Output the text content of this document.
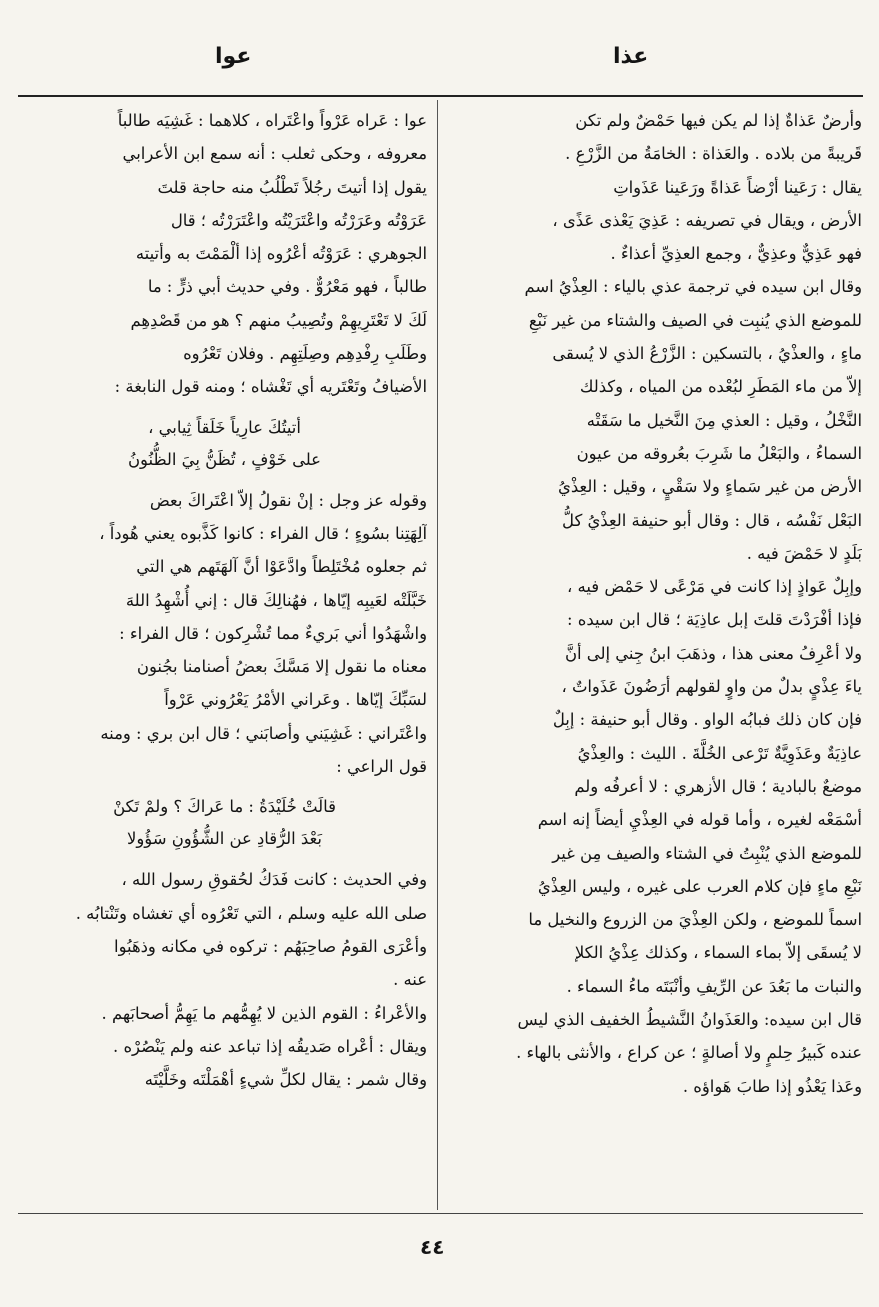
عوا	عذا
وأرضٌ عَذاةٌ إذا لم يكن فيها حَمْضٌ ولم تكن
قَريبةً من بلاده . والعَذاة : الخامَةُ من الزَّرْعِ .
يقال : رَعَينا أرْضاً عَذاةً ورَعَينا عَذَواتِ
الأرض ، ويقال في تصريفه : عَذِيَ يَعْذى عَذًى ،
فهو عَذِيٌّ وعذِيٌّ ، وجمع العذِيِّ أعذاءٌ .
وقال ابن سيده في ترجمة عذي بالياء : العِذْيُ اسم
للموضع الذي يُنبِت في الصيف والشتاء من غير نَبْعِ
ماءٍ ، والعذْيُ ، بالتسكين : الزَّرْعُ الذي لا يُسقى
إلاّ من ماء المَطَرِ لبُعْده من المياه ، وكذلك
النَّخْلُ ، وقيل : العذي مِنَ النَّخيل ما سَقَتْه
السماءُ ، والبَعْلُ ما شَرِبَ بعُروقه من عيون
الأرض من غير سَماءٍ ولا سَقْيٍ ، وقيل : العِذْيُ
البَعْل نَفْسُه ، قال : وقال أبو حنيفة العِذْيُ كلُّ
بَلَدٍ لا حَمْضَ فيه .
وإبِلٌ عَواذٍ إذا كانت في مَرْعًى لا حَمْض فيه ،
فإذا أفْرَدْتَ قلتَ إبل عاذِيَة ؛ قال ابن سيده :
ولا أعْرِفُ معنى هذا ، وذهَبَ ابنُ جِني إلى أنَّ
ياءَ عِذْيٍ بدلٌ من واوٍ لقولهم أرَضُونَ عَذَواتٌ ،
فإن كان ذلك فبابُه الواو . وقال أبو حنيفة : إبِلٌ
عاذِيَةٌ وعَذَوِيَّةٌ تَرْعى الخُلَّةَ . الليث : والعِذْيُ
موضعٌ بالبادية ؛ قال الأزهري : لا أعرفُه ولم
أسْمَعْه لغيره ، وأما قوله في العِذْيِ أيضاً إنه اسم
للموضع الذي يُنْبِتُ في الشتاء والصيف مِن غير
نَبْعِ ماءٍ فإن كلام العرب على غيره ، وليس العِذْيُ
اسماً للموضع ، ولكن العِذْيَ من الزروع والنخيل ما
لا يُسقَى إلاّ بماء السماء ، وكذلك عِذْيُ الكلإ
والنبات ما بَعُدَ عن الرِّيفِ وأنْبَتَه ماءُ السماء .
قال ابن سيده: والعَذَوانُ النَّشيطُ الخفيف الذي ليس
عنده كَبيرُ حِلمٍ ولا أصالةٍ ؛ عن كراع ، والأنثى بالهاء .
وعَذا يَعْذُو إذا طابَ هَواؤه .
عوا : عَراه عَرْواً واعْتَراه ، كلاهما : غَشِيَه طالباً
معروفه ، وحكى ثعلب : أنه سمع ابن الأعرابي
يقول إذا أتيتَ رجُلاً تَطْلُبُ منه حاجة قلتَ
عَرَوْتُه وعَرَرْتُه واعْتَرَيْتُه واعْتَرَرْتُه ؛ قال
الجوهري : عَرَوْتُه أعْرُوه إذا ألْمَمْتَ به وأتيته
طالباً ، فهو مَعْرُوٌّ . وفي حديث أبي ذرٍّ : ما
لَكَ لا تَعْتَرِيهِمْ وتُصِيبُ منهم ؟ هو من قَصْدِهِم
وطَلَبِ رِفْدِهِم وصِلَتِهِم . وفلان تَعْرُوه
الأضيافُ وتَعْتَريه أي تَغْشاه ؛ ومنه قول النابغة :
أتيتُكَ عارِياً خَلَقاً ثِيابي ،
على خَوْفٍ ، تُظَنُّ بِيَ الظُّنُونُ
وقوله عز وجل : إنْ نقولُ إلاّ اعْتَراكَ بعض
آلِهَتِنا بسُوءٍ ؛ قال الفراء : كانوا كَذَّبوه يعني هُوداً ،
ثم جعلوه مُخْتَلِطاً وادَّعَوْا أنَّ آلهَتَهم هي التي
خَبَّلَتْه لعَيبِه إيّاها ، فهُنالِكَ قال : إني أُشْهِدُ اللهَ
واشْهَدُوا أني بَريءٌ مما تُشْرِكون ؛ قال الفراء :
معناه ما نقول إلا مَسَّكَ بعضُ أصنامنا بجُنون
لسَبِّكَ إيّاها . وعَراني الأمْرُ يَعْرُوني عَرْواً
واعْتَراني : غَشِيَني وأصابَني ؛ قال ابن بري : ومنه
قول الراعي :
قالَتْ خُلَيْدَةُ : ما عَراكَ ؟ ولمْ تَكنْ
بَعْدَ الرُّقادِ عن الشُّؤُونِ سَؤُولا
وفي الحديث : كانت فَدَكُ لحُقوقِ رسول الله ،
صلى الله عليه وسلم ، التي تَعْرُوه أي تغشاه وتَنْتابُه .
وأعْرَى القومُ صاحِبَهُم : تركوه في مكانه وذهَبُوا
عنه .
والأعْراءُ : القوم الذين لا يُهِمُّهم ما يَهِمُّ أصحابَهم .
ويقال : أعْراه صَديقُه إذا تباعد عنه ولم يَنْصُرْه .
وقال شمر : يقال لكلِّ شيءٍ أهْمَلْتَه وخَلَّيْتَه
٤٤
